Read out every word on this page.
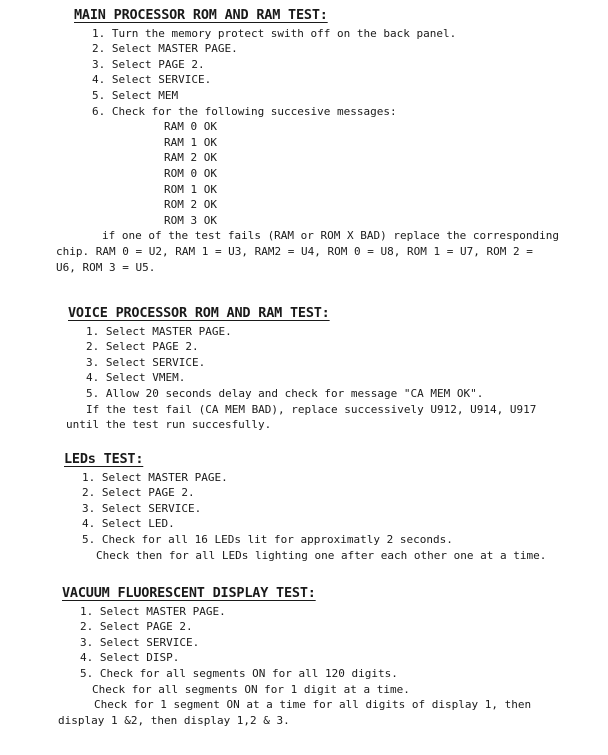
MAIN PROCESSOR ROM AND RAM TEST:
1. Turn the memory protect swith off on the back panel.
2. Select MASTER PAGE.
3. Select PAGE 2.
4. Select SERVICE.
5. Select MEM
6. Check for the following succesive messages:
RAM 0 OK
RAM 1 OK
RAM 2 OK
ROM 0 OK
ROM 1 OK
ROM 2 OK
ROM 3 OK
if one of the test fails (RAM or ROM X BAD) replace the corresponding
chip. RAM 0 = U2, RAM 1 = U3, RAM2 = U4, ROM 0 = U8, ROM 1 = U7, ROM 2 =
U6, ROM 3 = U5.
VOICE PROCESSOR ROM AND RAM TEST:
1. Select MASTER PAGE.
2. Select PAGE 2.
3. Select SERVICE.
4. Select VMEM.
5. Allow 20 seconds delay and check for message "CA MEM OK".
If the test fail (CA MEM BAD), replace successively U912, U914, U917
until the test run succesfully.
LEDs TEST:
1. Select MASTER PAGE.
2. Select PAGE 2.
3. Select SERVICE.
4. Select LED.
5. Check for all 16 LEDs lit for approximatly 2 seconds.
Check then for all LEDs lighting one after each other one at a time.
VACUUM FLUORESCENT DISPLAY TEST:
1. Select MASTER PAGE.
2. Select PAGE 2.
3. Select SERVICE.
4. Select DISP.
5. Check for all segments ON for all 120 digits.
Check for all segments ON for 1 digit at a time.
Check for 1 segment ON at a time for all digits of display 1, then
display 1 &2, then display 1,2 & 3.
